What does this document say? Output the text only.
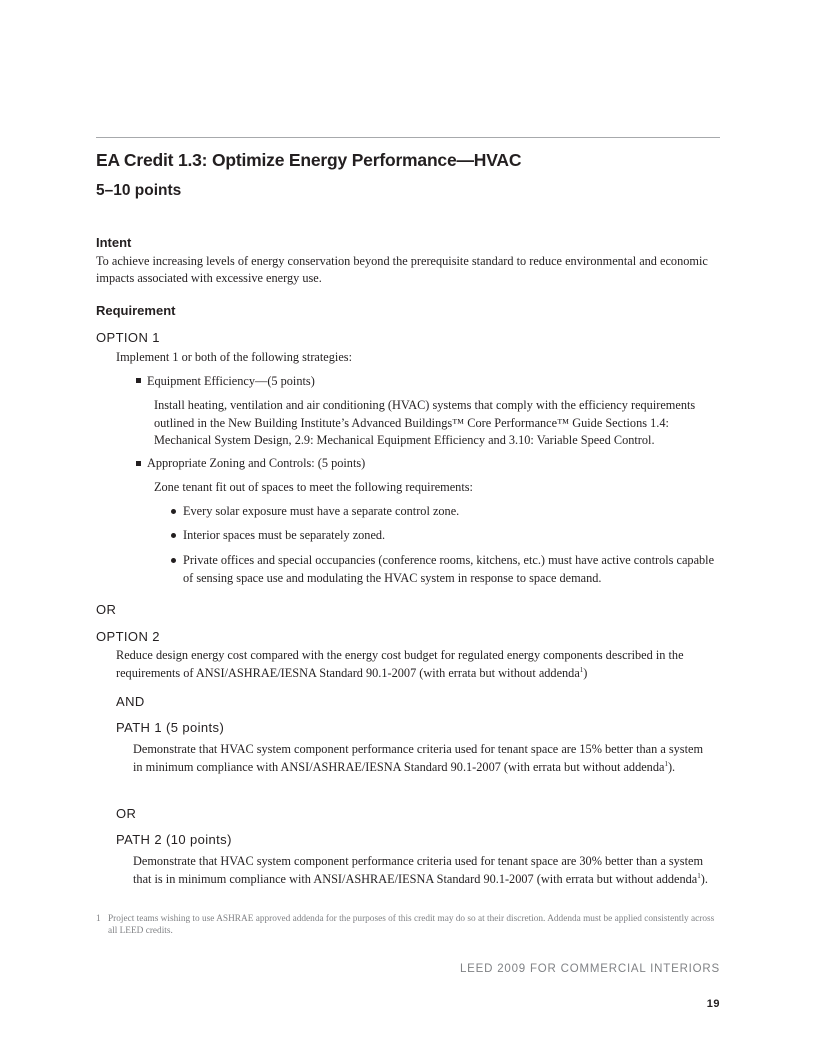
EA Credit 1.3: Optimize Energy Performance—HVAC
5–10 points
Intent
To achieve increasing levels of energy conservation beyond the prerequisite standard to reduce environmental and economic impacts associated with excessive energy use.
Requirement
OPTION 1
Implement 1 or both of the following strategies:
Equipment Efficiency—(5 points)
Install heating, ventilation and air conditioning (HVAC) systems that comply with the efficiency requirements outlined in the New Building Institute’s Advanced Buildings™ Core Performance™ Guide Sections 1.4: Mechanical System Design, 2.9: Mechanical Equipment Efficiency and 3.10: Variable Speed Control.
Appropriate Zoning and Controls: (5 points)
Zone tenant fit out of spaces to meet the following requirements:
Every solar exposure must have a separate control zone.
Interior spaces must be separately zoned.
Private offices and special occupancies (conference rooms, kitchens, etc.) must have active controls capable of sensing space use and modulating the HVAC system in response to space demand.
OR
OPTION 2
Reduce design energy cost compared with the energy cost budget for regulated energy components described in the requirements of ANSI/ASHRAE/IESNA Standard 90.1-2007 (with errata but without addenda$^1$)
AND
PATH 1 (5 points)
Demonstrate that HVAC system component performance criteria used for tenant space are 15% better than a system in minimum compliance with ANSI/ASHRAE/IESNA Standard 90.1-2007 (with errata but without addenda$^1$).
OR
PATH 2 (10 points)
Demonstrate that HVAC system component performance criteria used for tenant space are 30% better than a system that is in minimum compliance with ANSI/ASHRAE/IESNA Standard 90.1-2007 (with errata but without addenda$^1$).
1 Project teams wishing to use ASHRAE approved addenda for the purposes of this credit may do so at their discretion. Addenda must be applied consistently across all LEED credits.
LEED 2009 FOR COMMERCIAL INTERIORS
19
